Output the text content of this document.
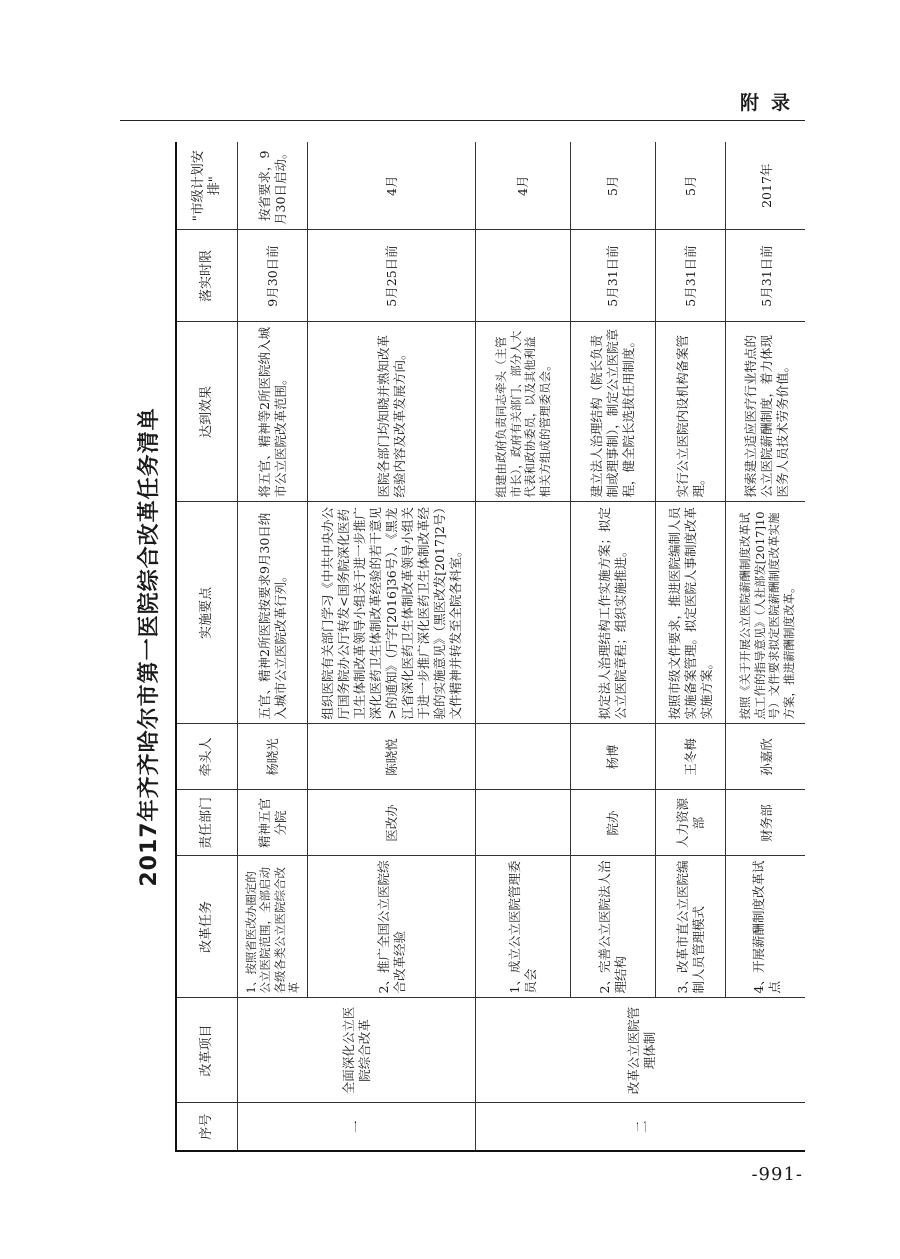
附录
2017年齐齐哈尔市第一医院综合改革任务清单
序号	改革项目	改革任务	责任部门	牵头人	实施要点	达到效果	落实时限	"市级计划安排"
一	全面深化公立医院综合改革	1、按照省医改办圈定的公立医院范围，全部启动各级各类公立医院综合改革	精神五官分院	杨晓光	五官、精神2所医院按要求9月30日纳入城市公立医院改革行列。	将五官、精神等2所医院纳入城市公立医院改革范围。	9月30日前	按省要求，9月30日启动。
		2、推广全国公立医院综合改革经验	医改办	陈晓悦	组织医院有关部门学习《中共中央办公厅国务院办公厅转发<国务院深化医药卫生体制改革领导小组关于进一步推广深化医药卫生体制改革经验的若干意见>的通知》（厅字[2016]36号）、《黑龙江省深化医药卫生体制改革领导小组关于进一步推广深化医药卫生体制改革经验的实施意见》（黑医改发[2017]2号）文件精神并转发至全院各科室。	医院各部门均知晓并熟知改革经验内容及改革发展方向。	5月25日前	4月
二	改革公立医院管理体制	1、成立公立医院管理委员会				组建由政府负责同志牵头（主管市长），政府有关部门、部分人大代表和政协委员，以及其他利益相关方组成的管理委员会。		4月
		2、完善公立医院法人治理结构	院办	杨博	拟定法人治理结构工作实施方案；拟定公立医院章程；组织实施推进。	建立法人治理结构（院长负责制或理事制），制定公立医院章程，健全院长选拔任用制度。	5月31日前	5月
		3、改革市直公立医院编制人员管理模式	人力资源部	王冬梅	按照市级文件要求，推进医院编制人员实施备案管理。拟定医院人事制度改革实施方案。	实行公立医院内设机构备案管理。	5月31日前	5月
		4、开展薪酬制度改革试点	财务部	孙嘉欣	按照《关于开展公立医院薪酬制度改革试点工作的指导意见》（人社部发[2017]10号）文件要求拟定医院薪酬制度改革实施方案，推进薪酬制度改革。	探索建立适应医疗行业特点的公立医院薪酬制度，着力体现医务人员技术劳务价值。	5月31日前	2017年
-991-
